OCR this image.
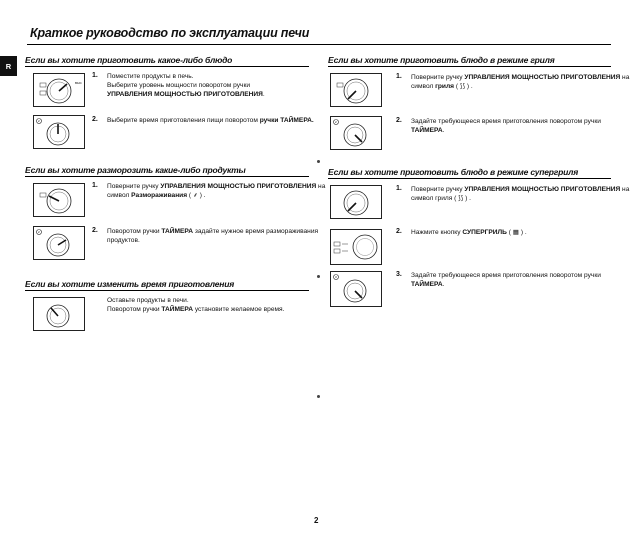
Краткое руководство по эксплуатации печи
R
Если вы хотите приготовить какое-либо блюдо
ВЫС
1. Поместите продукты в печь.
Выберите уровень мощности поворотом ручки
УПРАВЛЕНИЯ МОЩНОСТЬЮ ПРИГОТОВЛЕНИЯ.
2	2. Выберите время приготовления пищи поворотом ручки ТАЙМЕРА.
Если вы хотите разморозить какие-либо продукты
1. Поверните ручку УПРАВЛЕНИЯ МОЩНОСТЬЮ ПРИГОТОВЛЕНИЯ на символ Размораживания ( ⸙ ) .
2	2. Поворотом ручки ТАЙМЕРА задайте нужное время размораживания продуктов.
Если вы хотите изменить время приготовления
Оставьте продукты в печи.
Поворотом ручки ТАЙМЕРА установите желаемое время.
Если вы хотите приготовить блюдо в режиме гриля
1. Поверните ручку УПРАВЛЕНИЯ МОЩНОСТЬЮ ПРИГОТОВЛЕНИЯ на символ гриля ( ⟆⟆ ) .
2	2. Задайте требующееся время приготовления поворотом ручки ТАЙМЕРА.
Если вы хотите приготовить блюдо в режиме супергриля
1. Поверните ручку УПРАВЛЕНИЯ МОЩНОСТЬЮ ПРИГОТОВЛЕНИЯ на символ гриля ( ⟆⟆ ) .
2. Нажмите кнопку СУПЕРГРИЛЬ ( ▦ ) .
3	3. Задайте требующееся время приготовления поворотом ручки ТАЙМЕРА.
2
